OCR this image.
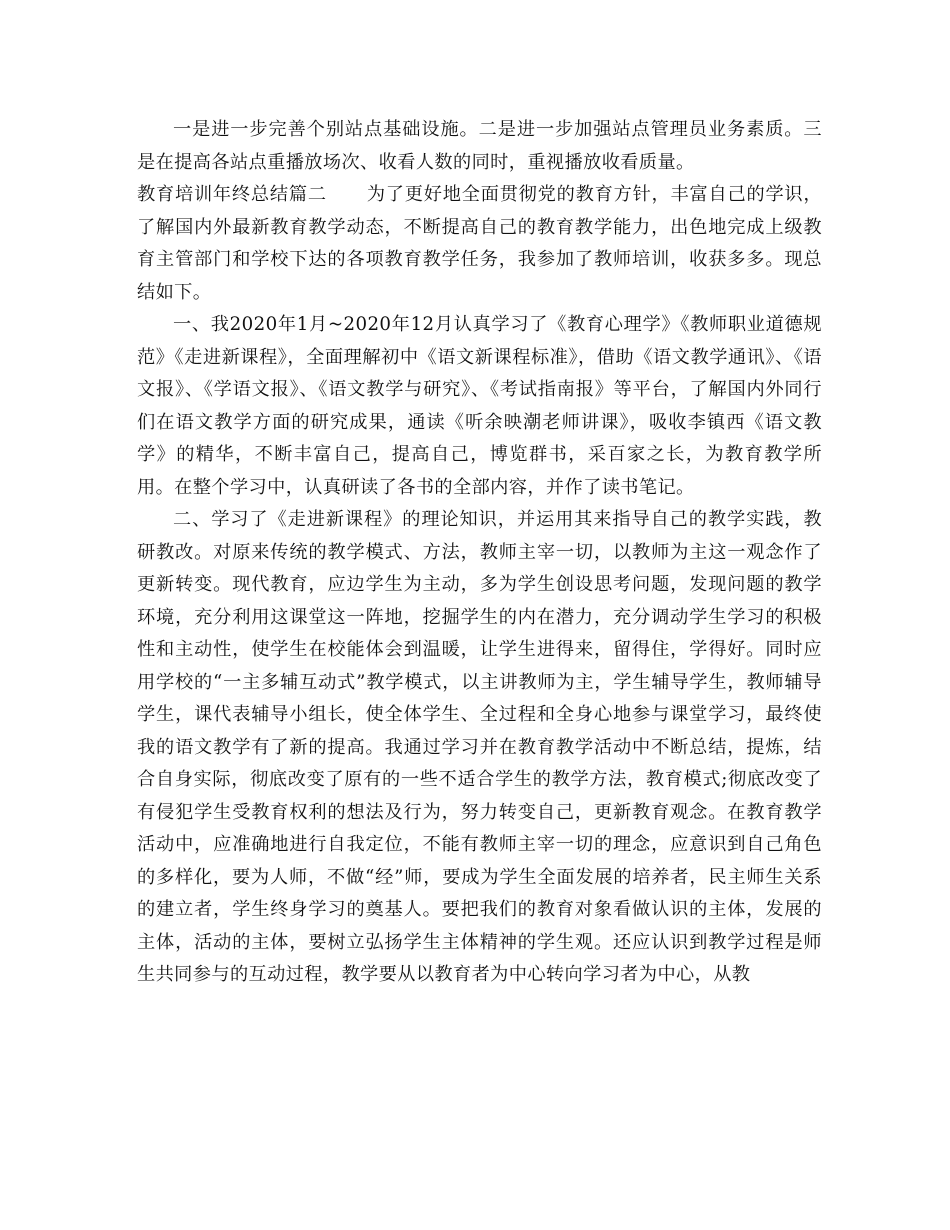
一是进一步完善个别站点基础设施。二是进一步加强站点管理员业务素质。三是在提高各站点重播放场次、收看人数的同时，重视播放收看质量。

教育培训年终总结篇二 为了更好地全面贯彻党的教育方针，丰富自己的学识，了解国内外最新教育教学动态，不断提高自己的教育教学能力，出色地完成上级教育主管部门和学校下达的各项教育教学任务，我参加了教师培训，收获多多。现总结如下。

一、我2020年1月~2020年12月认真学习了《教育心理学》《教师职业道德规范》《走进新课程》，全面理解初中《语文新课程标准》，借助《语文教学通讯》、《语文报》、《学语文报》、《语文教学与研究》、《考试指南报》等平台，了解国内外同行们在语文教学方面的研究成果，通读《听余映潮老师讲课》，吸收李镇西《语文教学》的精华，不断丰富自己，提高自己，博览群书，采百家之长，为教育教学所用。在整个学习中，认真研读了各书的全部内容，并作了读书笔记。

二、学习了《走进新课程》的理论知识，并运用其来指导自己的教学实践，教研教改。对原来传统的教学模式、方法，教师主宰一切，以教师为主这一观念作了更新转变。现代教育，应边学生为主动，多为学生创设思考问题，发现问题的教学环境，充分利用这课堂这一阵地，挖掘学生的内在潜力，充分调动学生学习的积极性和主动性，使学生在校能体会到温暖，让学生进得来，留得住，学得好。同时应用学校的“一主多辅互动式”教学模式，以主讲教师为主，学生辅导学生，教师辅导学生，课代表辅导小组长，使全体学生、全过程和全身心地参与课堂学习，最终使我的语文教学有了新的提高。我通过学习并在教育教学活动中不断总结，提炼，结合自身实际，彻底改变了原有的一些不适合学生的教学方法，教育模式;彻底改变了有侵犯学生受教育权利的想法及行为，努力转变自己，更新教育观念。在教育教学活动中，应准确地进行自我定位，不能有教师主宰一切的理念，应意识到自己角色的多样化，要为人师，不做“经”师，要成为学生全面发展的培养者，民主师生关系的建立者，学生终身学习的奠基人。要把我们的教育对象看做认识的主体，发展的主体，活动的主体，要树立弘扬学生主体精神的学生观。还应认识到教学过程是师生共同参与的互动过程，教学要从以教育者为中心转向学习者为中心，从教
